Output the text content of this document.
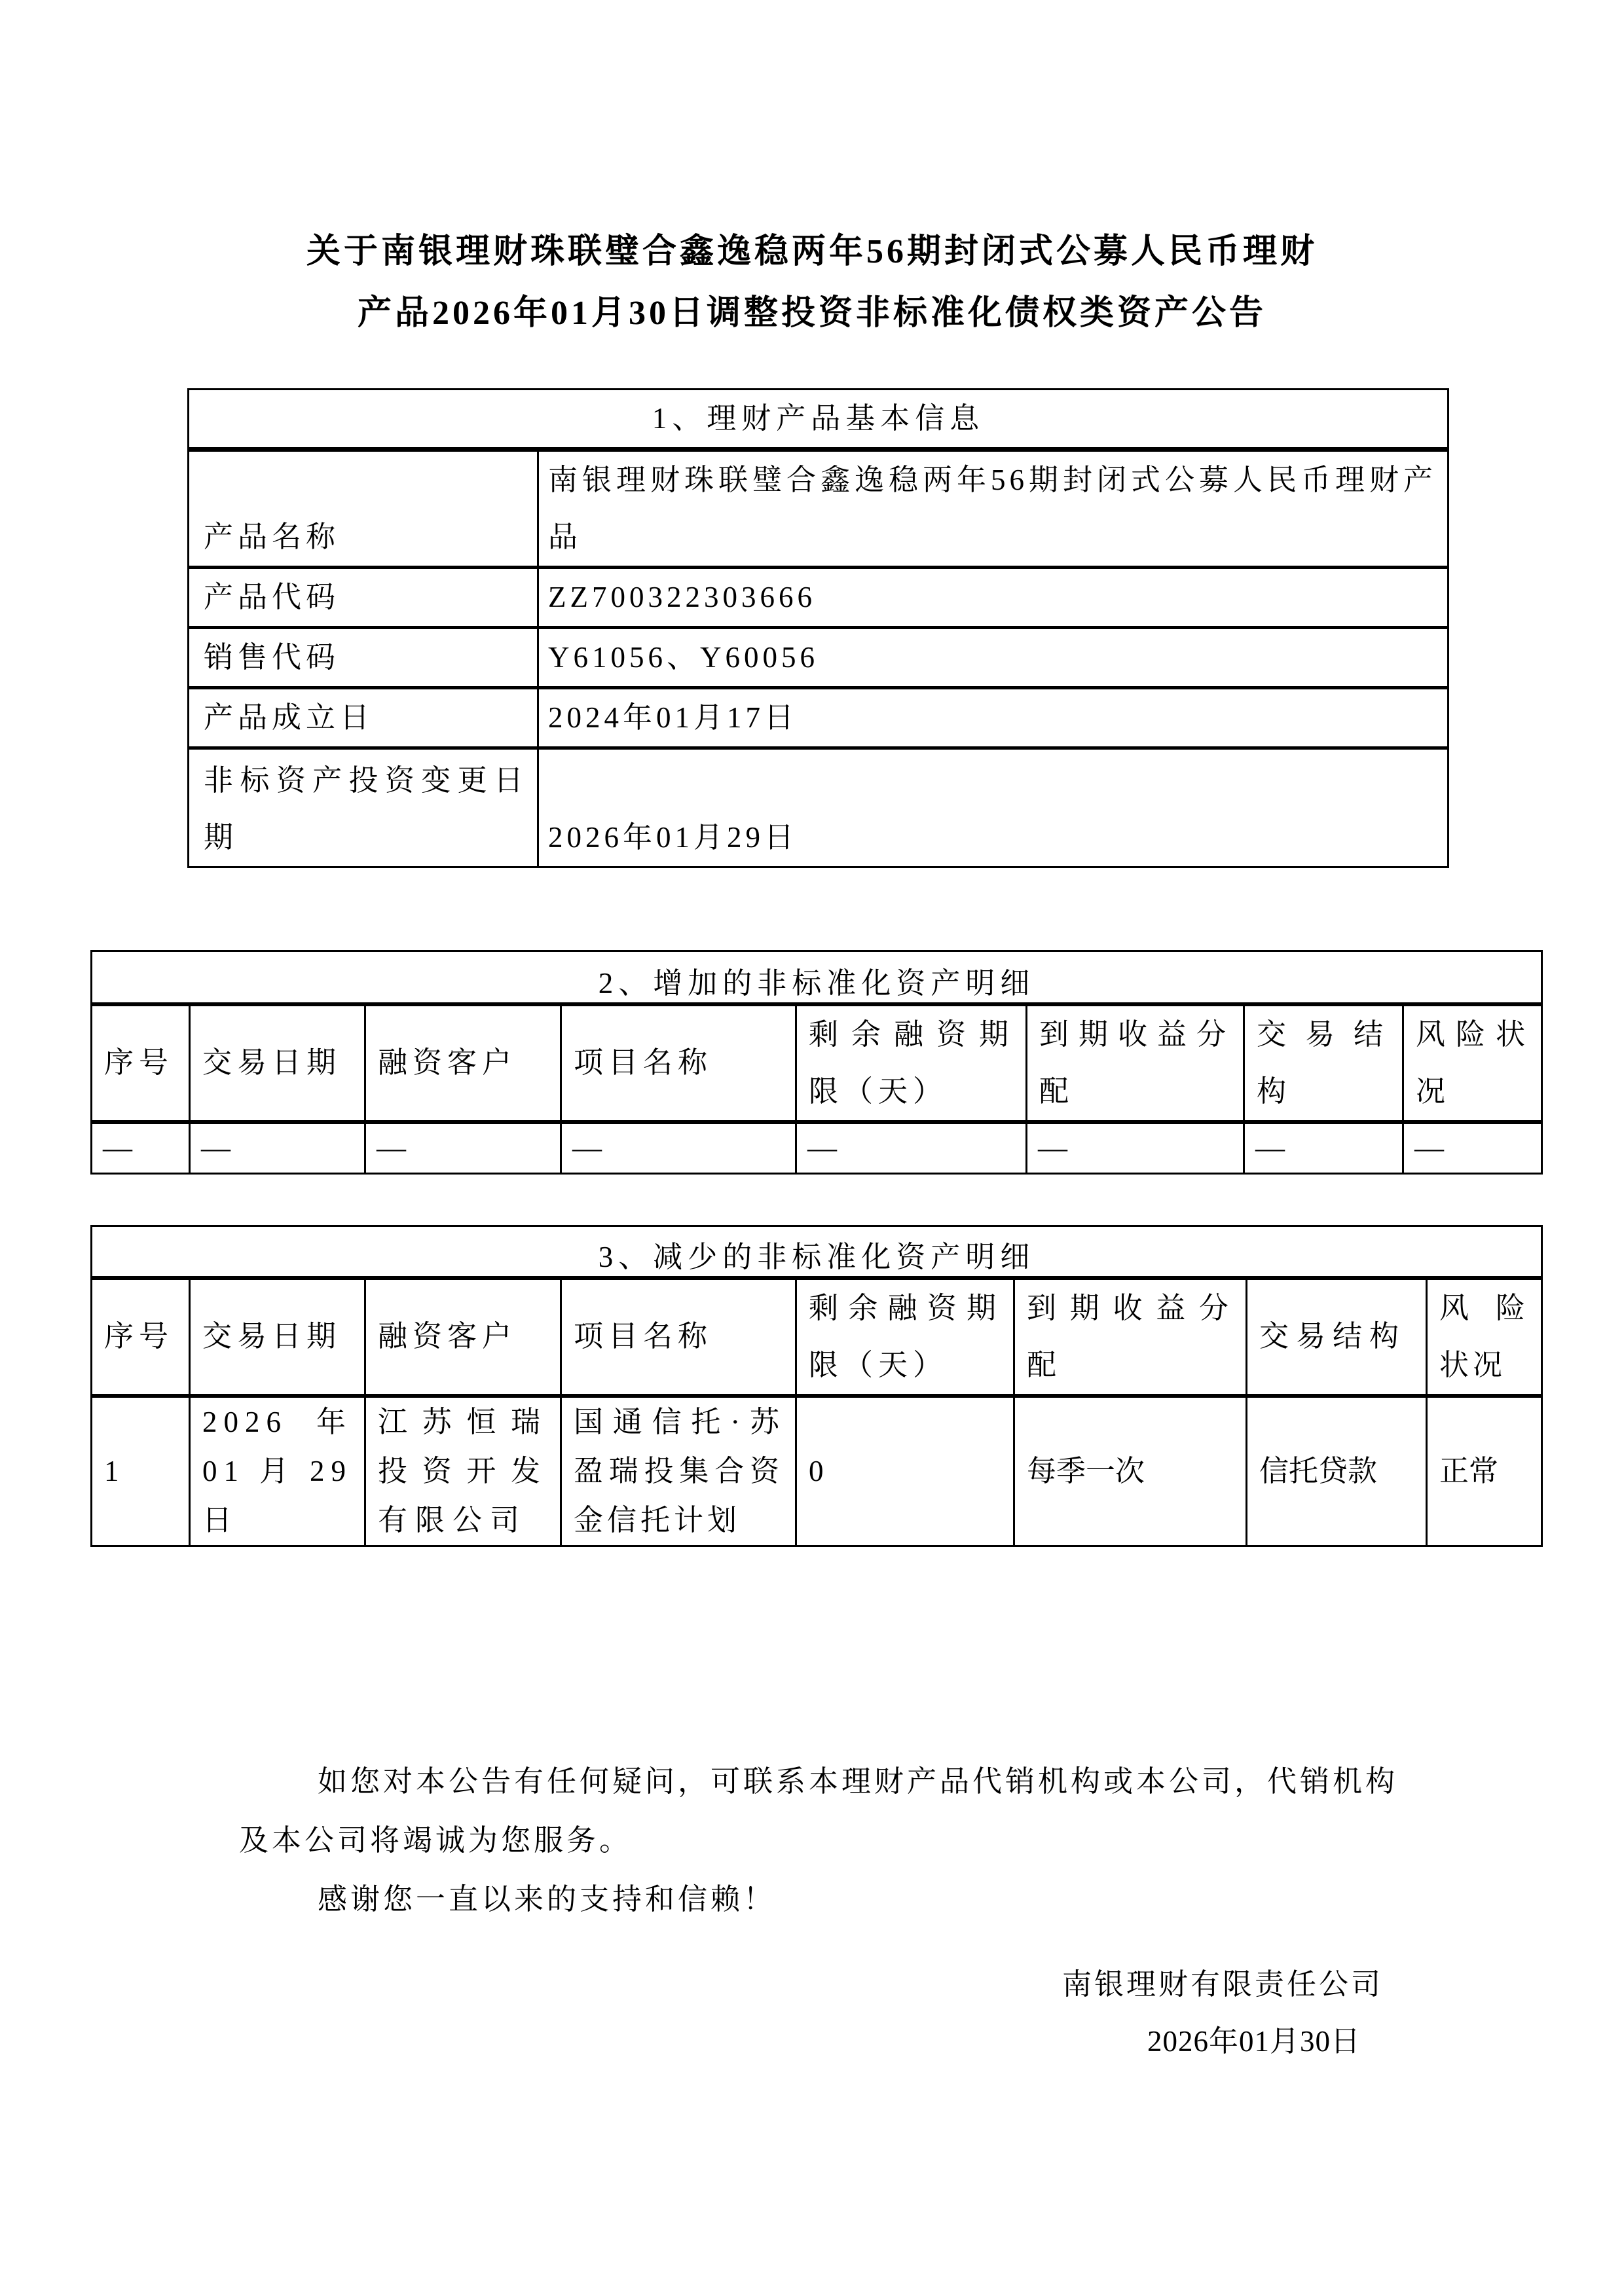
关于南银理财珠联璧合鑫逸稳两年56期封闭式公募人民币理财
产品2026年01月30日调整投资非标准化债权类资产公告
1、理财产品基本信息	
产品名称	南银理财珠联璧合鑫逸稳两年56期封闭式公募人民币理财产品
产品代码	ZZ700322303666
销售代码	Y61056、Y60056
产品成立日	2024年01月17日
非标资产投资变更日期	2026年01月29日
2、增加的非标准化资产明细							
序号	交易日期	融资客户	项目名称	剩余融资期限（天）	到期收益分配	交易结构	风险状况
—	—	—	—	—	—	—	—
3、减少的非标准化资产明细							
序号	交易日期	融资客户	项目名称	剩余融资期限（天）	到期收益分配	交易结构	风险状况
1	2026年01月29日	江苏恒瑞投资开发有限公司	国通信托·苏盈瑞投集合资金信托计划	0	每季一次	信托贷款	正常

如您对本公告有任何疑问，可联系本理财产品代销机构或本公司，代销机构及本公司将竭诚为您服务。

感谢您一直以来的支持和信赖！

南银理财有限责任公司
2026年01月30日
